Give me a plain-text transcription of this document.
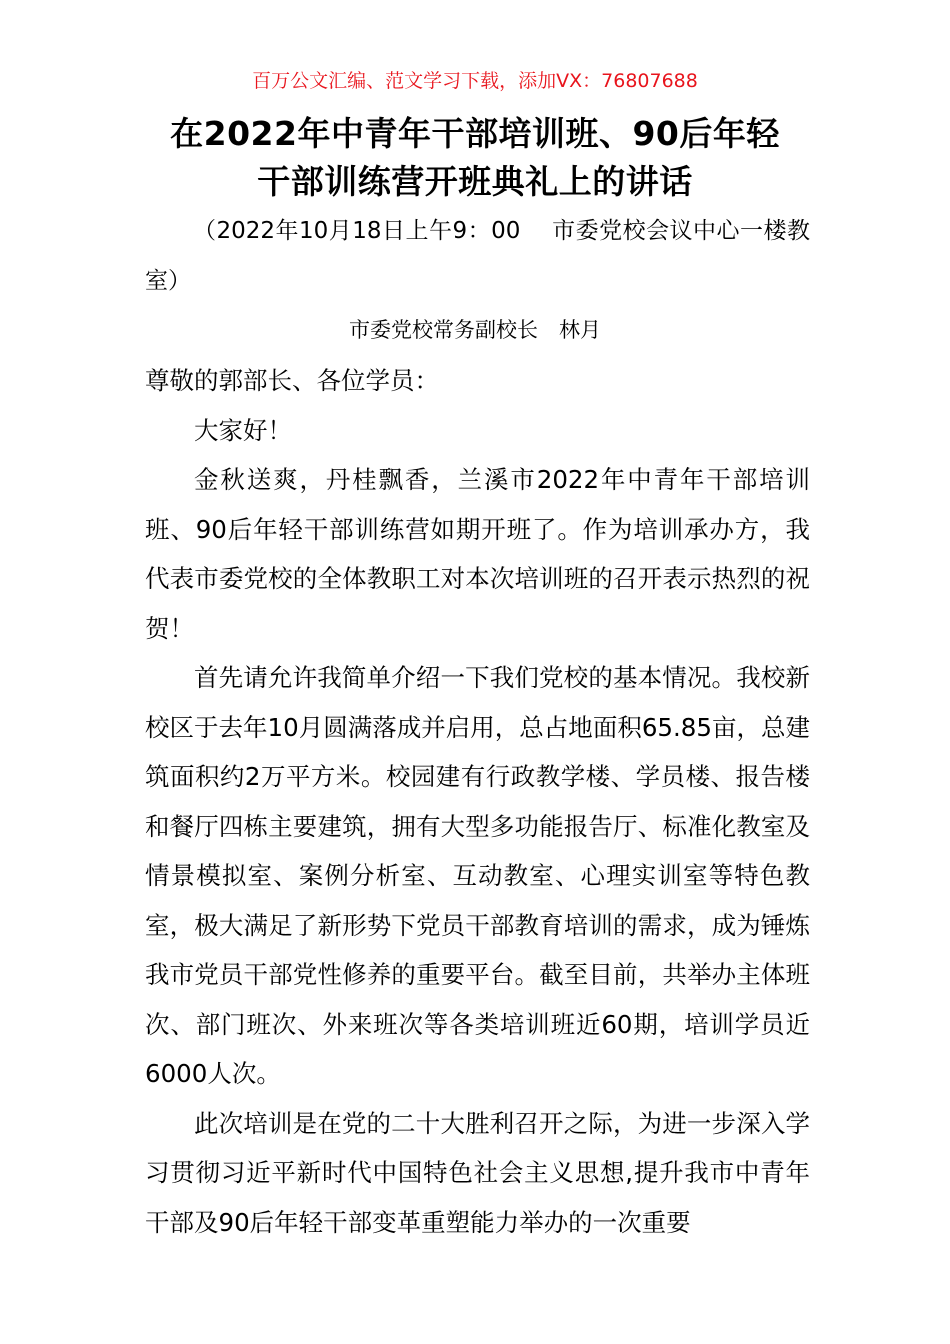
百万公文汇编、范文学习下载，添加VX：76807688
在2022年中青年干部培训班、90后年轻
干部训练营开班典礼上的讲话
（2022年10月18日上午9：00　 市委党校会议中心一楼教室）
市委党校常务副校长　林月

尊敬的郭部长、各位学员：

大家好！

金秋送爽，丹桂飘香，兰溪市2022年中青年干部培训班、90后年轻干部训练营如期开班了。作为培训承办方，我代表市委党校的全体教职工对本次培训班的召开表示热烈的祝贺！

首先请允许我简单介绍一下我们党校的基本情况。我校新校区于去年10月圆满落成并启用，总占地面积65.85亩，总建筑面积约2万平方米。校园建有行政教学楼、学员楼、报告楼和餐厅四栋主要建筑，拥有大型多功能报告厅、标准化教室及情景模拟室、案例分析室、互动教室、心理实训室等特色教室，极大满足了新形势下党员干部教育培训的需求，成为锤炼我市党员干部党性修养的重要平台。截至目前，共举办主体班次、部门班次、外来班次等各类培训班近60期，培训学员近6000人次。

此次培训是在党的二十大胜利召开之际，为进一步深入学习贯彻习近平新时代中国特色社会主义思想,提升我市中青年干部及90后年轻干部变革重塑能力举办的一次重要
